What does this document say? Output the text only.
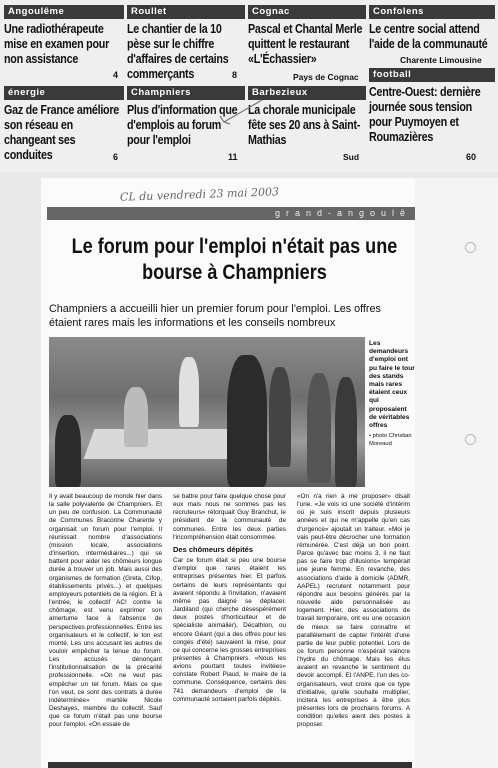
Angoulême
Une radiothérapeute mise en examen pour non assistance
4
Roullet
Le chantier de la 10 pèse sur le chiffre d'affaires de certains commerçants	8
Cognac
Pascal et Chantal Merle quittent le restaurant «L'Échassier»
Pays de Cognac
Confolens
Le centre social attend l'aide de la communauté
Charente Limousine
énergie
Gaz de France améliore son réseau en changeant ses conduites	6
Champniers
Plus d'information que d'emplois au forum pour l'emploi
11
Barbezieux
La chorale municipale fête ses 20 ans à Saint-Mathias
Sud
football
Centre-Ouest: dernière journée sous tension pour Puymoyen et Roumazières
60
CL du vendredi 23 mai 2003
grand-angoulê
Le forum pour l'emploi n'était pas une bourse à Champniers
Champniers a accueilli hier un premier forum pour l'emploi. Les offres étaient rares mais les informations et les conseils nombreux
Les demandeurs d'emploi ont pu faire le tour des stands mais rares étaient ceux qui proposaient de véritables offres
• photo Christian Moreaud
Il y avait beaucoup de monde hier dans la salle polyvalente de Champniers. Et un peu de confusion. La Communauté de Communes Braconne Charente y organisait un forum pour l'emploi. Il réunissait nombre d'associations (mission locale, associations d'insertion, intermédiaires...) qui se battent pour aider les chômeurs longue durée à trouver un job. Mais aussi des organismes de formation (Greta, Cifop, établissements privés...) et quelques employeurs potentiels de la région. Et à l'entrée, le collectif AC! contre le chômage, est venu exprimer son amertume face à l'absence de perspectives professionnelles. Entre les organisateurs et le collectif, le ton est monté. Les uns accusant les autres de vouloir empêcher la tenue du forum. Les accusés dénonçant l'institutionnalisation de la précarité professionnelle. «On ne veut pas empêcher un tel forum. Mais ce que l'on veut, ce sont des contrats à durée indéterminée» martèle Nicole Deshayes, membre du collectif. Sauf que ce forum n'était pas une bourse pour l'emploi. «On essaie de
se battre pour faire quelque chose pour eux mais nous ne sommes pas les recruteurs» rétorquait Guy Branchut, le président de la communauté de communes. Entre les deux parties l'incompréhension était consommée.
Des chômeurs dépités
Car ce forum était si peu une bourse d'emploi que rares étaient les entreprises présentes hier. Et parfois certains de leurs représentants qui avaient répondu à l'invitation, n'avaient même pas daigné se déplacer. Jardiland (qui cherche désespérément deux postes d'horticulteur et de spécialiste animalier), Décathlon, ou encore Géant (qui a des offres pour les congés d'été) sauvaient la mise, pour ce qui concerne les grosses entreprises présentes à Champniers. «Nous les avions pourtant toutes invitées» constate Robert Piaud, le maire de la commune. Conséquence, certains des 741 demandeurs d'emploi de la communauté sortaient parfois dépités.
«On n'a rien à me proposer» disait l'une. «Je vois ici une société d'intérim où je suis inscrit depuis plusieurs années et qui ne m'appelle qu'en cas d'urgence» ajoutait un traiteur. «Moi je vais peut-être décrocher une formation rémunérée. C'est déjà un bon point. Parce qu'avec bac moins 3, il ne faut pas se faire trop d'illusions» tempérait une jeune femme. En revanche, des associations d'aide à domicile (ADMR, AAPEL) recrutent notamment pour répondre aux besoins générés par la nouvelle aide personnalisée au logement. Hier, des associations de travail temporaire, ont eu une occasion de mieux se faire connaître et parallèlement de capter l'intérêt d'une partie de leur public potentiel. Lors de ce forum personne n'espérait vaincre l'hydre du chômage. Mais les élus avaient en revanche le sentiment du devoir accompli. Et l'ANPE, l'un des co-organisateurs, veut croire que ce type d'initiative, qu'elle souhaite multiplier, incitera les entreprises à être plus présentes lors de prochains forums. A condition qu'elles aient des postes à proposer.
